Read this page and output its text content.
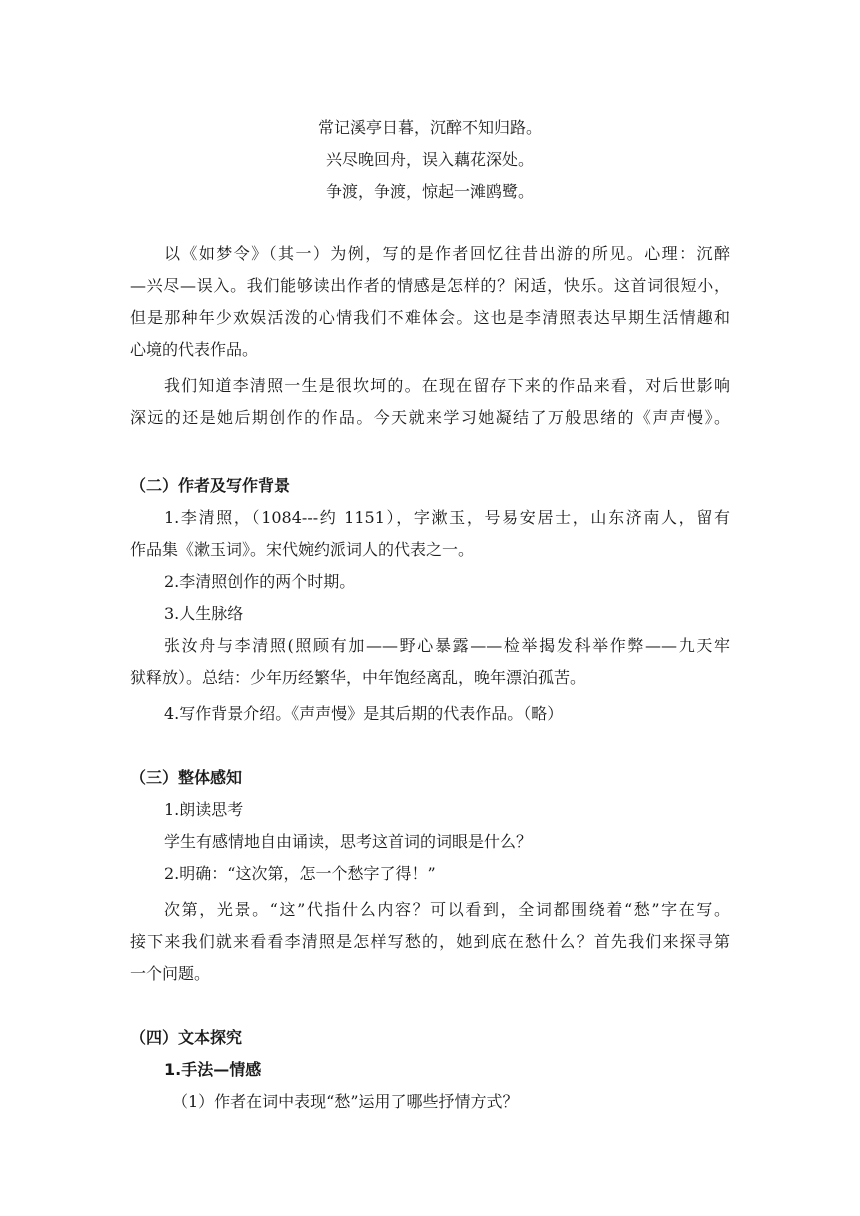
常记溪亭日暮，沉醉不知归路。
兴尽晚回舟，误入藕花深处。
争渡，争渡，惊起一滩鸥鹭。
以《如梦令》（其一）为例，写的是作者回忆往昔出游的所见。心理：沉醉
—兴尽—误入。我们能够读出作者的情感是怎样的？闲适，快乐。这首词很短小，
但是那种年少欢娱活泼的心情我们不难体会。这也是李清照表达早期生活情趣和
心境的代表作品。
我们知道李清照一生是很坎坷的。在现在留存下来的作品来看，对后世影响
深远的还是她后期创作的作品。今天就来学习她凝结了万般思绪的《声声慢》。
（二）作者及写作背景
1.李清照，（1084---约 1151），字漱玉，号易安居士，山东济南人，留有
作品集《漱玉词》。宋代婉约派词人的代表之一。
2.李清照创作的两个时期。
3.人生脉络
张汝舟与李清照(照顾有加——野心暴露——检举揭发科举作弊——九天牢
狱释放）。总结：少年历经繁华，中年饱经离乱，晚年漂泊孤苦。
4.写作背景介绍。《声声慢》是其后期的代表作品。（略）
（三）整体感知
1.朗读思考
学生有感情地自由诵读，思考这首词的词眼是什么？
2.明确：“这次第，怎一个愁字了得！”
次第，光景。“这”代指什么内容？可以看到，全词都围绕着“愁”字在写。
接下来我们就来看看李清照是怎样写愁的，她到底在愁什么？首先我们来探寻第
一个问题。
（四）文本探究
1.手法—情感
（1）作者在词中表现“愁”运用了哪些抒情方式？
